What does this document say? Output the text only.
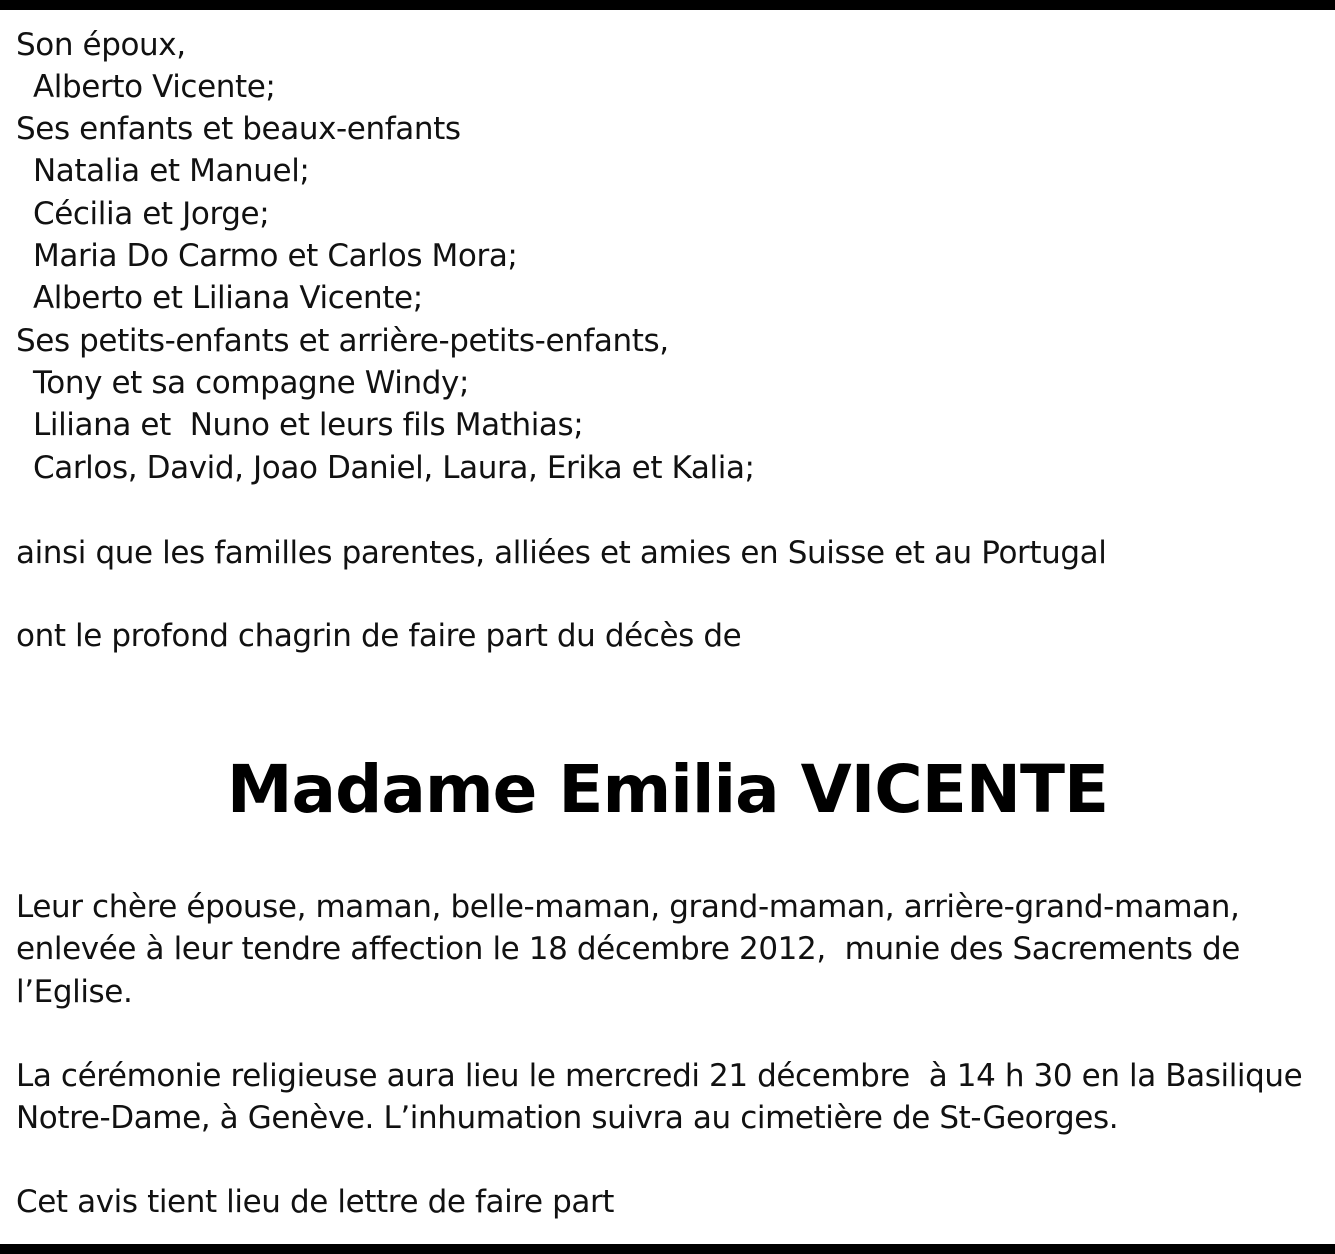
Son époux,
Alberto Vicente;
Ses enfants et beaux-enfants
Natalia et Manuel;
Cécilia et Jorge;
Maria Do Carmo et Carlos Mora;
Alberto et Liliana Vicente;
Ses petits-enfants et arrière-petits-enfants,
Tony et sa compagne Windy;
Liliana et  Nuno et leurs fils Mathias;
Carlos, David, Joao Daniel, Laura, Erika et Kalia;
ainsi que les familles parentes, alliées et amies en Suisse et au Portugal
ont le profond chagrin de faire part du décès de
Madame Emilia VICENTE
Leur chère épouse, maman, belle-maman, grand-maman, arrière-grand-maman,
enlevée à leur tendre affection le 18 décembre 2012,  munie des Sacrements de
l’Eglise.
La cérémonie religieuse aura lieu le mercredi 21 décembre  à 14 h 30 en la Basilique
Notre-Dame, à Genève. L’inhumation suivra au cimetière de St-Georges.
Cet avis tient lieu de lettre de faire part
